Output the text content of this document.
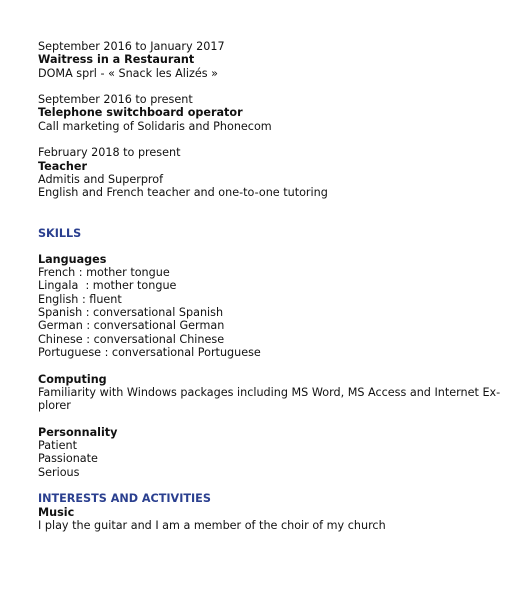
September 2016 to January 2017
Waitress in a Restaurant
DOMA sprl - « Snack les Alizés »
September 2016 to present
Telephone switchboard operator
Call marketing of Solidaris and Phonecom
February 2018 to present
Teacher
Admitis and Superprof
English and French teacher and one-to-one tutoring
SKILLS
Languages
French : mother tongue
Lingala  : mother tongue
English : fluent
Spanish : conversational Spanish
German : conversational German
Chinese : conversational Chinese
Portuguese : conversational Portuguese
Computing
Familiarity with Windows packages including MS Word, MS Access and Internet Ex-
plorer
Personnality
Patient
Passionate
Serious
INTERESTS AND ACTIVITIES
Music
I play the guitar and I am a member of the choir of my church
